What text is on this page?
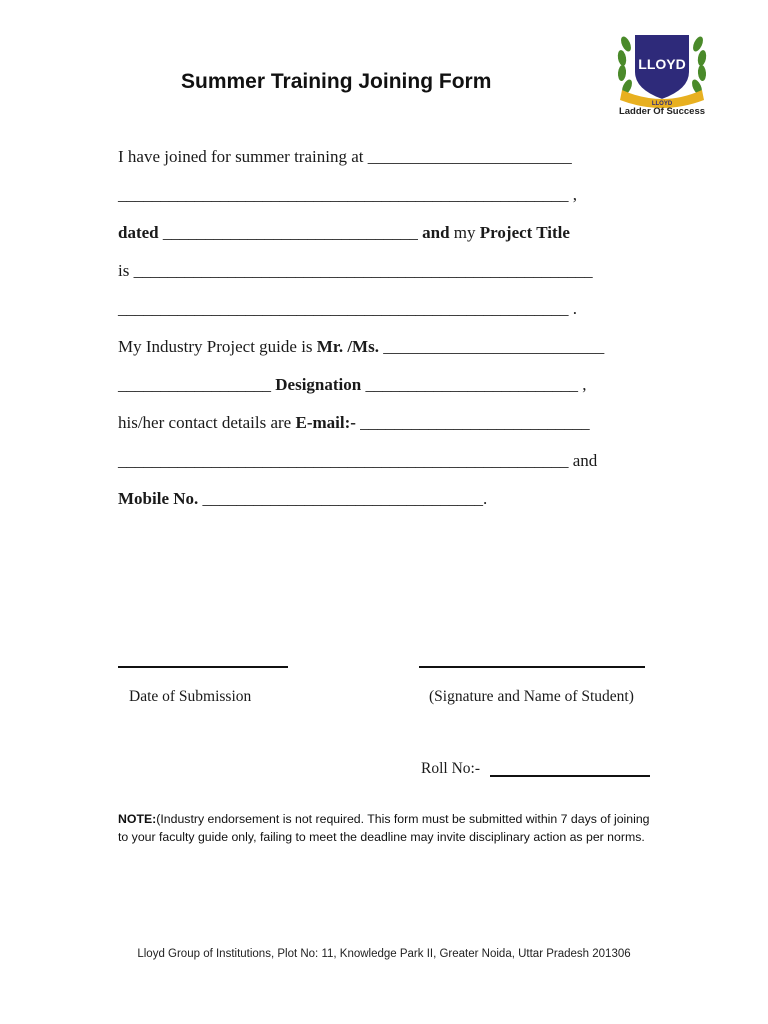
Summer Training Joining Form
LLOYD
LLOYD
Ladder Of Success
I have joined for summer training at ________________________
_____________________________________________________ ,
dated ______________________________ and my Project Title
is ______________________________________________________
_____________________________________________________ .
My Industry Project guide is Mr. /Ms. __________________________
__________________ Designation _________________________ ,
his/her contact details are E-mail:- ___________________________
_____________________________________________________ and
Mobile No. _________________________________.
Date of Submission	(Signature and Name of Student)
Roll No:-
NOTE:(Industry endorsement is not required. This form must be submitted within 7 days of joining to your faculty guide only, failing to meet the deadline may invite disciplinary action as per norms.
Lloyd Group of Institutions, Plot No: 11, Knowledge Park II, Greater Noida, Uttar Pradesh 201306
